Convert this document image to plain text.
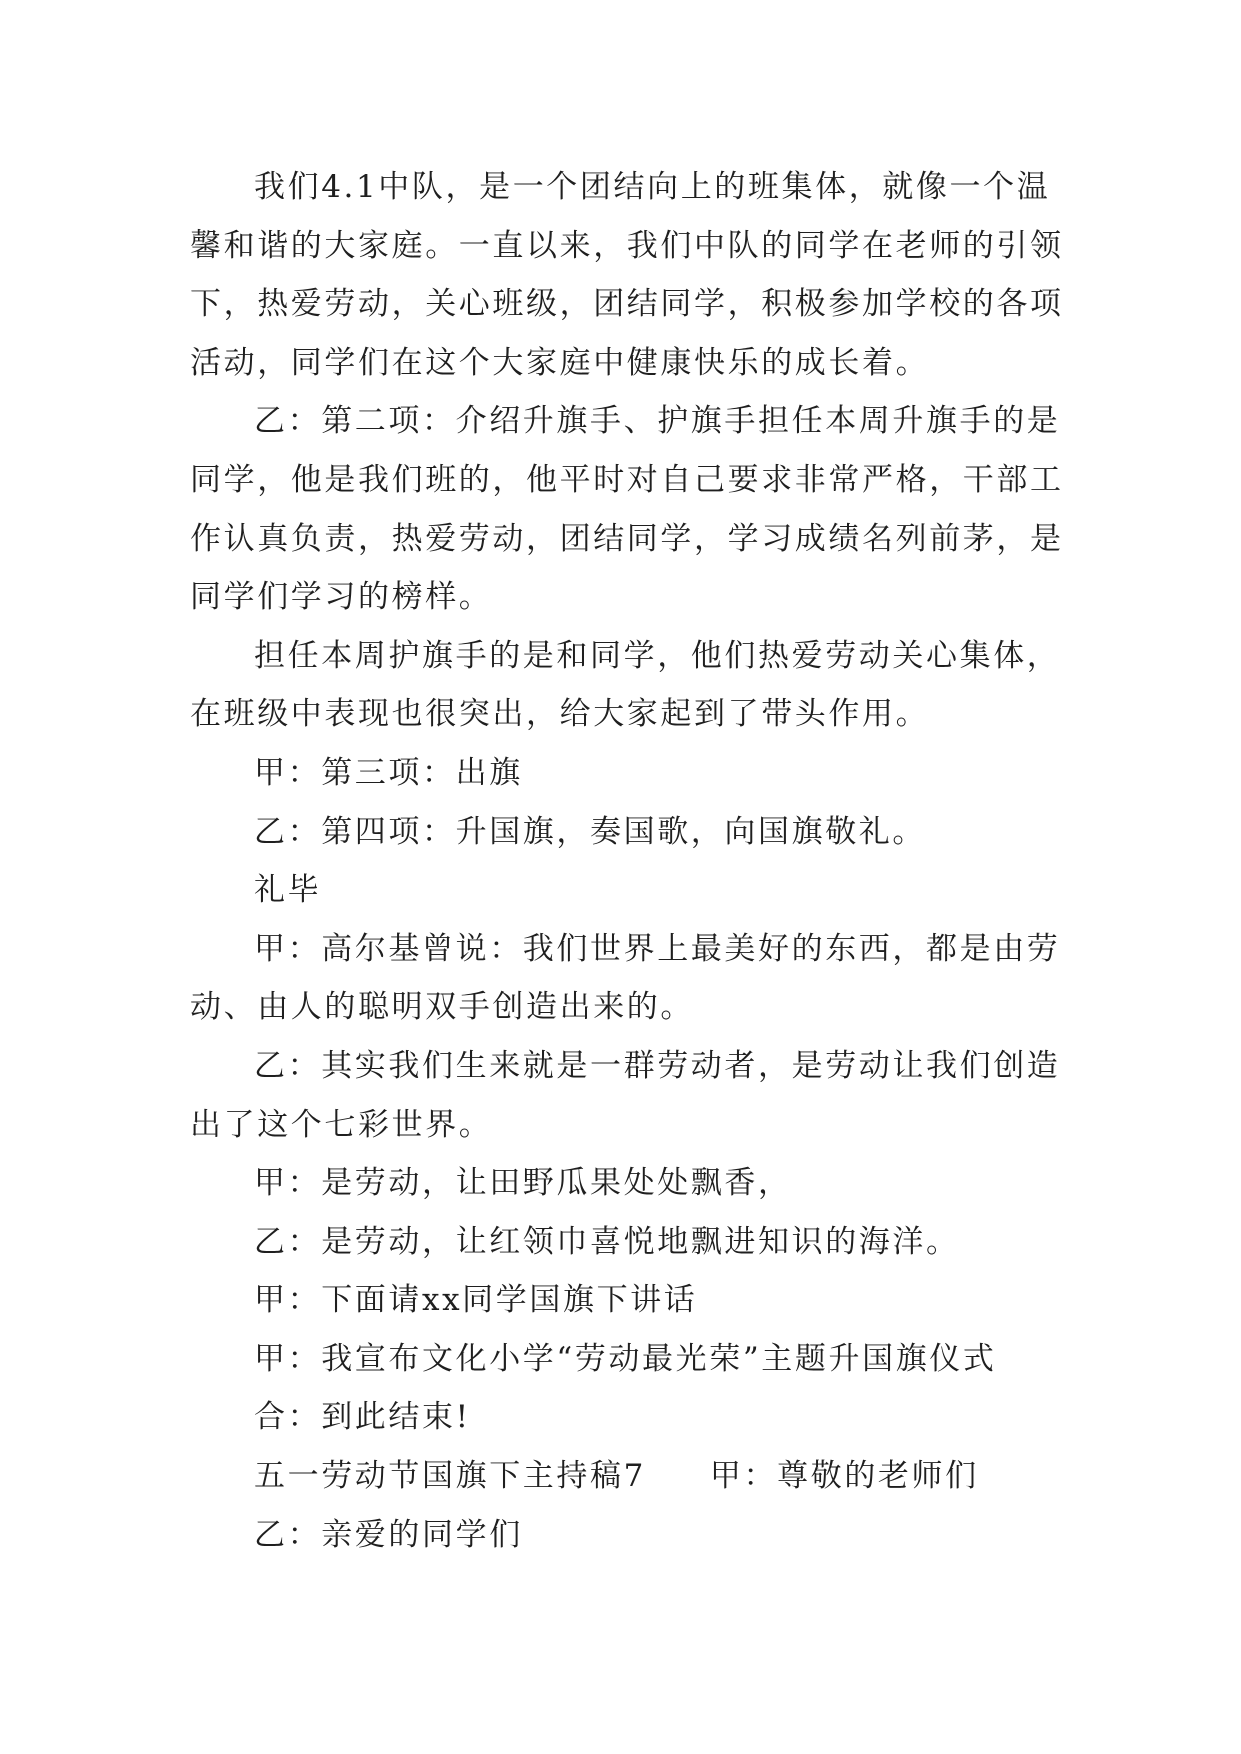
我们4.1中队，是一个团结向上的班集体，就像一个温馨和谐的大家庭。一直以来，我们中队的同学在老师的引领下，热爱劳动，关心班级，团结同学，积极参加学校的各项活动，同学们在这个大家庭中健康快乐的成长着。

乙：第二项：介绍升旗手、护旗手担任本周升旗手的是同学，他是我们班的，他平时对自己要求非常严格，干部工作认真负责，热爱劳动，团结同学，学习成绩名列前茅，是同学们学习的榜样。

担任本周护旗手的是和同学，他们热爱劳动关心集体，在班级中表现也很突出，给大家起到了带头作用。

甲：第三项：出旗

乙：第四项：升国旗，奏国歌，向国旗敬礼。

礼毕

甲：高尔基曾说：我们世界上最美好的东西，都是由劳动、由人的聪明双手创造出来的。

乙：其实我们生来就是一群劳动者，是劳动让我们创造出了这个七彩世界。

甲：是劳动，让田野瓜果处处飘香，

乙：是劳动，让红领巾喜悦地飘进知识的海洋。

甲：下面请xx同学国旗下讲话

甲：我宣布文化小学“劳动最光荣”主题升国旗仪式

合：到此结束!

五一劳动节国旗下主持稿7 甲：尊敬的老师们

乙：亲爱的同学们
